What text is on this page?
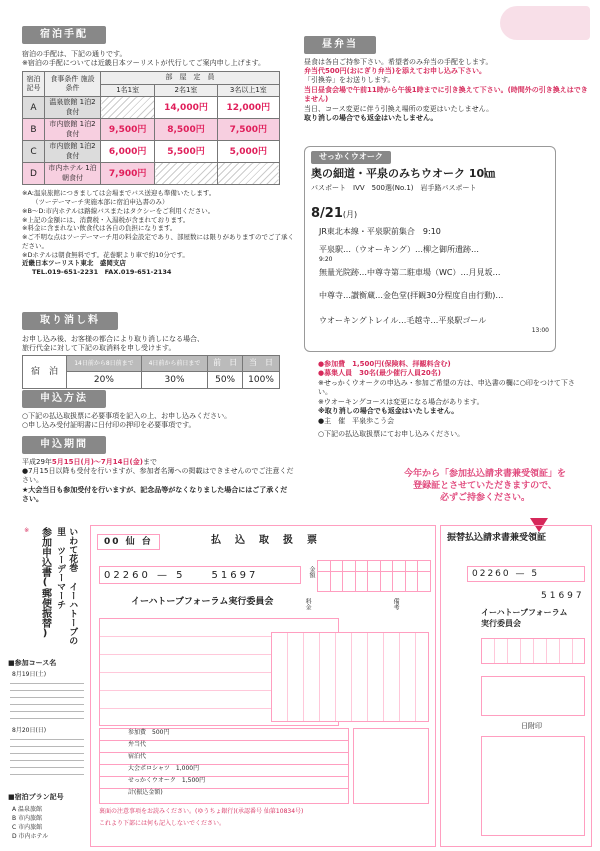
宿泊手配
宿泊の手配は、下記の通りです。
※宿泊の手配については近畿日本ツーリストが代行してご案内申し上げます。
宿泊記号	食事条件 施設条件	部　屋　定　員		
		1名1室	2名1室	3名以上1室
A	温泉旅館 1泊2食付		14,000円	12,000円
B	市内旅館 1泊2食付	9,500円	8,500円	7,500円
C	市内旅館 1泊2食付	6,000円	5,500円	5,000円
D	市内ホテル 1泊朝食付	7,900円		
※A:温泉旅館につきましては会場までバス送迎も準備いたします。
（ツーデーマーチ実施本部に宿泊申込書のみ）
※B〜D:市内ホテルは路線バスまたはタクシーをご利用ください。
※上記の金額には、消費税・入湯税が含まれております。
※料金に含まれない飲食代は各自の負担になります。
※ご不明な点はツーデーマーチ用の料金設定であり、部屋数には限りがありますのでご了承ください。
※Dホテルは朝食無料です。花巻駅より車で約10分です。
近畿日本ツーリスト東北　盛岡支店
TEL.019-651-2231　FAX.019-651-2134
取り消し料
お申し込み後、お客様の都合により取り消しになる場合、
旅行代金に対して下記の取消料を申し受けます。
宿　泊	14日前から8日前まで	4日前から前日まで	前　日	当　日
	20%	30%	50%	100%
申込方法
○下記の払込取扱票に必要事項を記入の上、お申し込みください。
○申し込み受付証明書に日付印の押印を必要事項です。
申込期間
平成29年5月15日(月)〜7月14日(金)まで
●7月15日以降も受付を行いますが、参加者名簿への掲載はできませんのでご注意ください。
★大会当日も参加受付を行いますが、記念品等がなくなりました場合にはご了承ください。
昼弁当
昼食は各自ご持参下さい。希望者のみ弁当の手配をします。
弁当代500円(おにぎり弁当)を添えてお申し込み下さい。
「引換券」をお送りします。
当日昼食会場で午前11時から午後1時までに引き換えて下さい。(時間外の引き換えはできません)
当日、コース変更に伴う引換え場所の変更はいたしません。
取り消しの場合でも返金はいたしません。
せっかくウオーク
奥の細道・平泉のみちウオーク 10㎞
パスポート　IVV　500選(No.1)　岩手路パスポート
8/21(月)
JR東北本線・平泉駅前集合　9:10
平泉駅…（ウオーキング）…柳之御所遺跡…
9:20
無量光院跡…中尊寺第二駐車場（WC）…月見坂…
中尊寺…讃衡蔵…金色堂(拝観30分程度自由行動)…
ウオーキングトレイル…毛越寺…平泉駅ゴール
13:00
●参加費　1,500円(保険料、拝観料含む)
●募集人員　30名(最少催行人員20名)
※せっかくウオークの申込み・参加ご希望の方は、申込書の欄に○印をつけて下さい。
※ウオーキングコースは変更になる場合があります。
※取り消しの場合でも返金はいたしません。
●主　催　平泉歩こう会
○下記の払込取扱票にてお申し込みください。
今年から「参加払込請求書兼受領証」を
登録証とさせていただきますので、
必ずご持参ください。
いわて花巻 イーハトーブの里 ツーデーマーチ
参加申込書(郵便振替)
※
■参加コース名
8月19日(土)
8月20日(日)
■宿泊プラン記号
A 温泉旅館
B 市内旅館
C 市内旅館
D 市内ホテル
00 仙 台	払　込　取　扱　票
02260 — 5　　	51697	金額

イーハトーブフォーラム実行委員会	料金	備考
参加費　 500円
弁当代
宿泊代
大会ポロシャツ　 1,000円
せっかくウオーク　 1,500円
計(振込金額)
裏面の注意事項をお読みください。(ゆうちょ銀行)(承認番号 仙第10834号)
これより下部には何も記入しないでください。
振替払込請求書兼受領証
02260 — 5
51697
イーハトーブフォーラム 実行委員会
日附印
